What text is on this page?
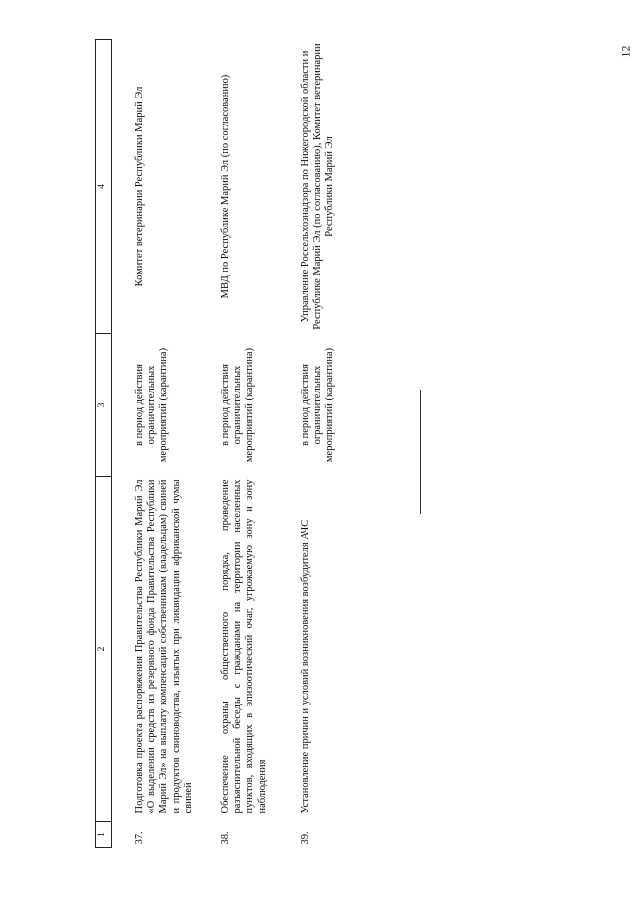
12
1	2	3	4
37.	Подготовка проекта распоряжения Правительства Республики Марий Эл «О выделении средств из резервного фонда Правительства Республики Марий Эл» на выплату компенсаций собственникам (владельцам) свиней и продуктов свиноводства, изъятых при ликвидации африканской чумы свиней	в период действия ограничительных мероприятий (карантина)	Комитет ветеринарии Республики Марий Эл
38.	Обеспечение охраны общественного порядка, проведение разъяснительной беседы с гражданами на территории населенных пунктов, входящих в эпизоотический очаг, угрожаемую зону и зону наблюдения	в период действия ограничительных мероприятий (карантина)	МВД по Республике Марий Эл (по согласованию)
39.	Установление причин и условий возникновения возбудителя АЧС	в период действия ограничительных мероприятий (карантина)	Управление Россельхознадзора по Нижегородской области и Республике Марий Эл (по согласованию), Комитет ветеринарии Республики Марий Эл
